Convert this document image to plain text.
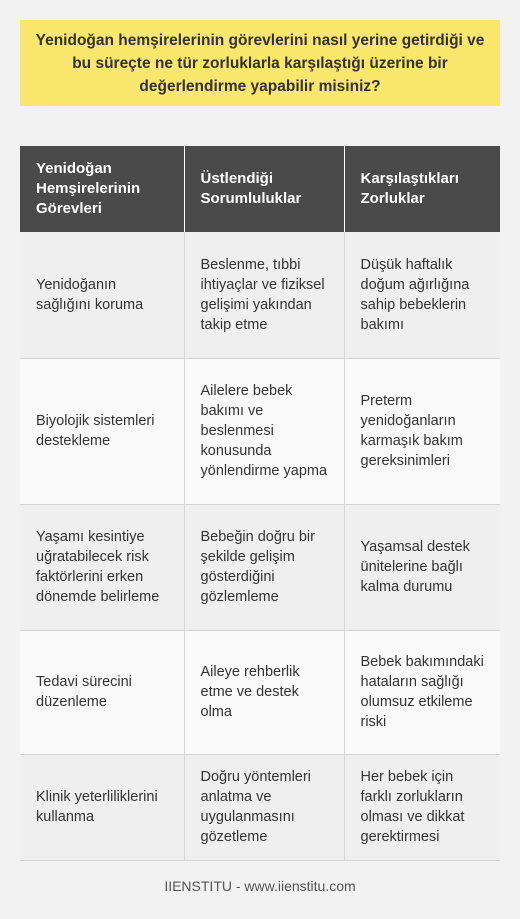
Yenidoğan hemşirelerinin görevlerini nasıl yerine getirdiği ve bu süreçte ne tür zorluklarla karşılaştığı üzerine bir değerlendirme yapabilir misiniz?
Yenidoğan Hemşirelerinin Görevleri	Üstlendiği Sorumluluklar	Karşılaştıkları Zorluklar
Yenidoğanın sağlığını koruma	Beslenme, tıbbi ihtiyaçlar ve fiziksel gelişimi yakından takip etme	Düşük haftalık doğum ağırlığına sahip bebeklerin bakımı
Biyolojik sistemleri destekleme	Ailelere bebek bakımı ve beslenmesi konusunda yönlendirme yapma	Preterm yenidoğanların karmaşık bakım gereksinimleri
Yaşamı kesintiye uğratabilecek risk faktörlerini erken dönemde belirleme	Bebeğin doğru bir şekilde gelişim gösterdiğini gözlemleme	Yaşamsal destek ünitelerine bağlı kalma durumu
Tedavi sürecini düzenleme	Aileye rehberlik etme ve destek olma	Bebek bakımındaki hataların sağlığı olumsuz etkileme riski
Klinik yeterliliklerini kullanma	Doğru yöntemleri anlatma ve uygulanmasını gözetleme	Her bebek için farklı zorlukların olması ve dikkat gerektirmesi
IIENSTITU - www.iienstitu.com
